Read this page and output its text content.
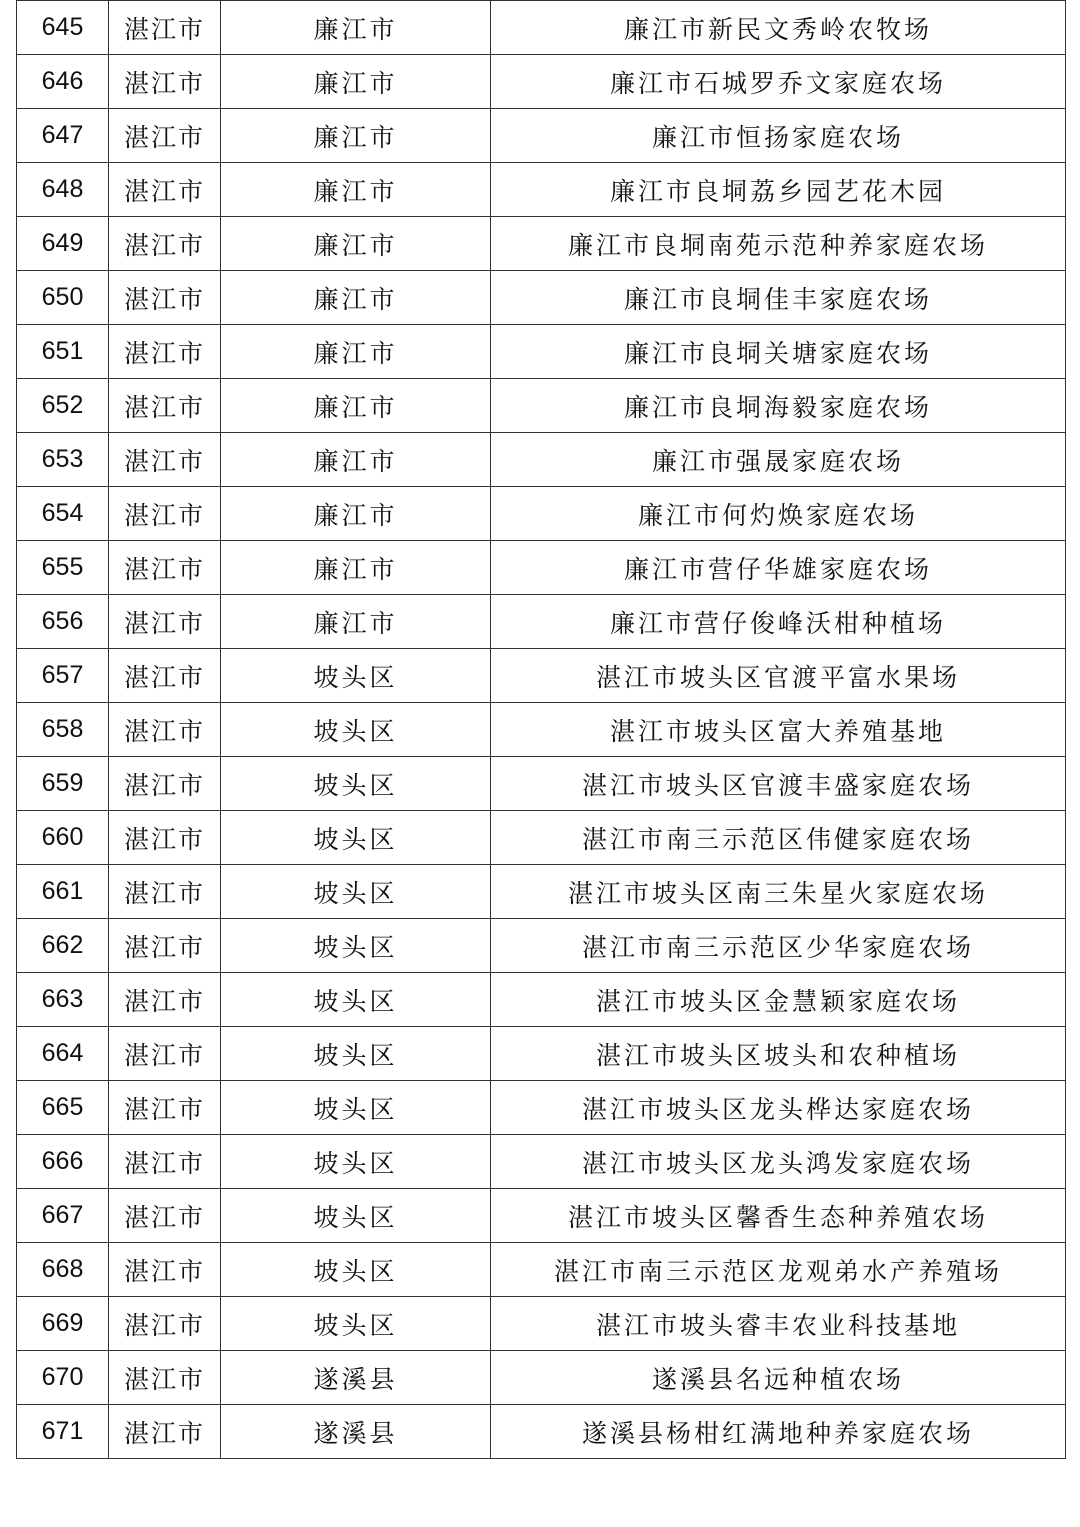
645	湛江市	廉江市	廉江市新民文秀岭农牧场
646	湛江市	廉江市	廉江市石城罗乔文家庭农场
647	湛江市	廉江市	廉江市恒扬家庭农场
648	湛江市	廉江市	廉江市良垌荔乡园艺花木园
649	湛江市	廉江市	廉江市良垌南苑示范种养家庭农场
650	湛江市	廉江市	廉江市良垌佳丰家庭农场
651	湛江市	廉江市	廉江市良垌关塘家庭农场
652	湛江市	廉江市	廉江市良垌海毅家庭农场
653	湛江市	廉江市	廉江市强晟家庭农场
654	湛江市	廉江市	廉江市何灼焕家庭农场
655	湛江市	廉江市	廉江市营仔华雄家庭农场
656	湛江市	廉江市	廉江市营仔俊峰沃柑种植场
657	湛江市	坡头区	湛江市坡头区官渡平富水果场
658	湛江市	坡头区	湛江市坡头区富大养殖基地
659	湛江市	坡头区	湛江市坡头区官渡丰盛家庭农场
660	湛江市	坡头区	湛江市南三示范区伟健家庭农场
661	湛江市	坡头区	湛江市坡头区南三朱星火家庭农场
662	湛江市	坡头区	湛江市南三示范区少华家庭农场
663	湛江市	坡头区	湛江市坡头区金慧颖家庭农场
664	湛江市	坡头区	湛江市坡头区坡头和农种植场
665	湛江市	坡头区	湛江市坡头区龙头桦达家庭农场
666	湛江市	坡头区	湛江市坡头区龙头鸿发家庭农场
667	湛江市	坡头区	湛江市坡头区馨香生态种养殖农场
668	湛江市	坡头区	湛江市南三示范区龙观弟水产养殖场
669	湛江市	坡头区	湛江市坡头睿丰农业科技基地
670	湛江市	遂溪县	遂溪县名远种植农场
671	湛江市	遂溪县	遂溪县杨柑红满地种养家庭农场
